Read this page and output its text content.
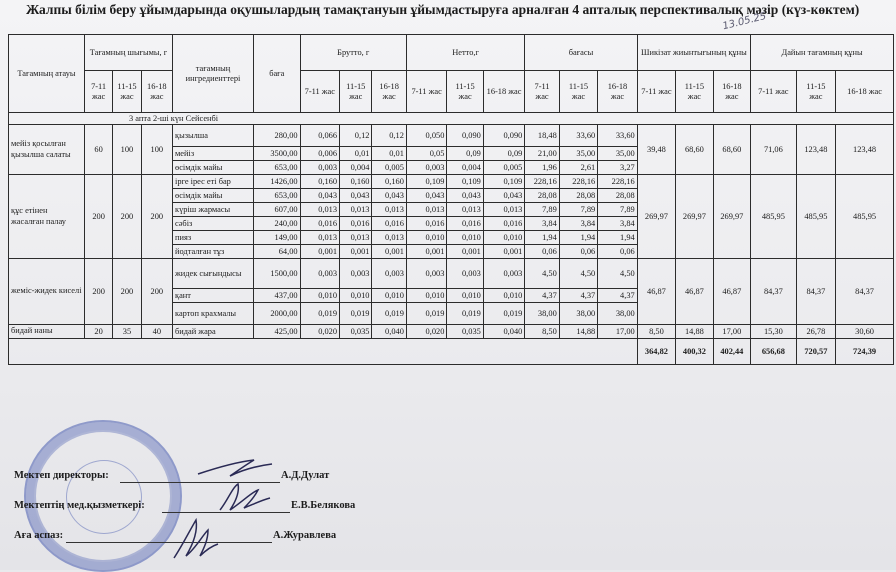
Жалпы білім беру ұйымдарында оқушылардың тамақтануын ұйымдастыруға арналған 4 апталық перспективалық мәзір (күз-көктем)
13.05.25
Тағамның атауы	Тағамның шығымы, г			тағамның ингредиенттері	баға	Брутто, г			Нетто,г			бағасы			Шикізат жиынтығының құны			Дайын тағамның құны		
	7-11 жас	11-15 жас	16-18 жас			7-11 жас	11-15 жас	16-18 жас	7-11 жас	11-15 жас	16-18 жас	7-11 жас	11-15 жас	16-18 жас	7-11 жас	11-15 жас	16-18 жас	7-11 жас	11-15 жас	16-18 жас
3 апта 2-ші күн Сейсенбі																				
мейіз қосылған қызылша салаты	60	100	100	қызылша	280,00	0,066	0,12	0,12	0,050	0,090	0,090	18,48	33,60	33,60	39,48	68,60	68,60	71,06	123,48	123,48
				мейіз	3500,00	0,006	0,01	0,01	0,05	0,09	0,09	21,00	35,00	35,00						
				өсімдік майы	653,00	0,003	0,004	0,005	0,003	0,004	0,005	1,96	2,61	3,27						
құс етінен жасалған палау	200	200	200	ірге ірес еті бар	1426,00	0,160	0,160	0,160	0,109	0,109	0,109	228,16	228,16	228,16	269,97	269,97	269,97	485,95	485,95	485,95
				өсімдік майы	653,00	0,043	0,043	0,043	0,043	0,043	0,043	28,08	28,08	28,08						
				күріш жармасы	607,00	0,013	0,013	0,013	0,013	0,013	0,013	7,89	7,89	7,89						
				сәбіз	240,00	0,016	0,016	0,016	0,016	0,016	0,016	3,84	3,84	3,84						
				пияз	149,00	0,013	0,013	0,013	0,010	0,010	0,010	1,94	1,94	1,94						
				йодталған тұз	64,00	0,001	0,001	0,001	0,001	0,001	0,001	0,06	0,06	0,06						
жеміс-жидек киселі	200	200	200	жидек сығындысы	1500,00	0,003	0,003	0,003	0,003	0,003	0,003	4,50	4,50	4,50	46,87	46,87	46,87	84,37	84,37	84,37
				қант	437,00	0,010	0,010	0,010	0,010	0,010	0,010	4,37	4,37	4,37						
				картоп крахмалы	2000,00	0,019	0,019	0,019	0,019	0,019	0,019	38,00	38,00	38,00						
бидай наны	20	35	40	бидай жара	425,00	0,020	0,035	0,040	0,020	0,035	0,040	8,50	14,88	17,00	8,50	14,88	17,00	15,30	26,78	30,60
															364,82	400,32	402,44	656,68	720,57	724,39
Мектеп директоры:	А.Д.Дулат
Мектептің мед.қызметкері:	Е.В.Белякова
Аға аспаз:	А.Журавлева
